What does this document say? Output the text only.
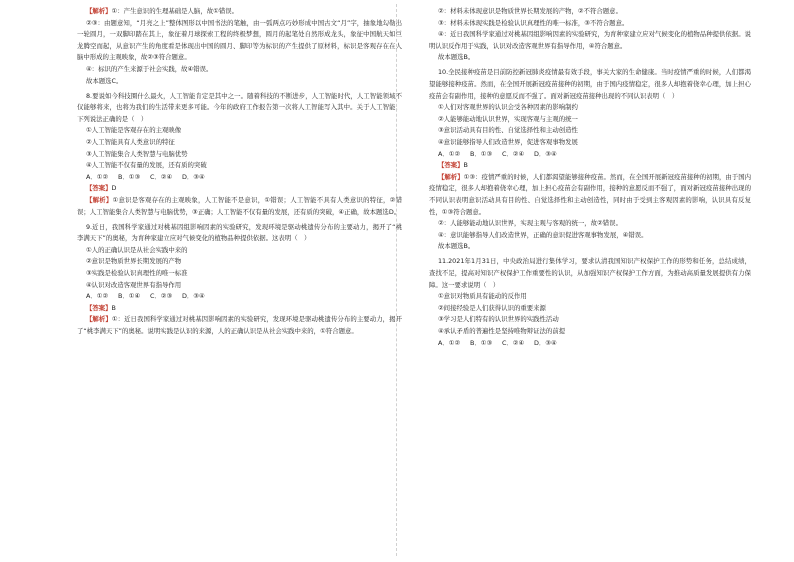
【解析】①：产生意识的生理基础是人脑，故①错误。

②③：由题意知，“月亮之上”整体图形以中国书法的笔触，由一弧两点巧妙形成中国古文“月”字，抽象地勾勒出一轮圆月，一双脚印踏在其上，象征着月球探索工程的终极梦想，圆月的起笔处自然形成龙头，象征中国航天如巨龙腾空而起，从意识产生的角度看是体现出中国的圆月、脚印等为标识的产生提供了原材料，标识是客观存在在人脑中形成的主观映象，故②③符合题意。

④：标识的产生来源于社会实践，故④错误。

故本题选C。

8.要说如今科技圈什么最火，人工智能肯定是其中之一。随着科技的不断进步，人工智能时代，人工智能领域不仅能够将来，也将为我们的生活带来更多可能。今年的政府工作报告第一次将人工智能写入其中。关于人工智能，下列说法正确的是（　）

①人工智能是客观存在的主观映像

②人工智能具有人类意识的特征

③人工智能集合人类智慧与电脑优势

④人工智能不仅有量的发展，还有质的突破

A．①② B．①③ C．②④ D．③④

【答案】D

【解析】①意识是客观存在的主观映象，人工智能不是意识，①错误；人工智能不具有人类意识的特征，②错误；人工智能集合人类智慧与电脑优势，③正确；人工智能不仅有量的发展，还有质的突破，④正确，故本题选D。

9.近日，我国科学家通过对桃基因组影响因素的实验研究，发现环境是驱动桃遗传分布的主要动力，揭开了“桃李满天下”的奥秘，为育种家建立应对气候变化的植物品种提供依据。这表明（　）

①人的正确认识是从社会实践中来的

②意识是物质世界长期发展的产物

③实践是检验认识真理性的唯一标准

④认识对改造客观世界有指导作用

A．①② B．①④ C．②③ D．③④

【答案】B

【解析】①：近日我国科学家通过对桃基因影响因素的实验研究，发现环境是驱动桃遗传分布的主要动力，揭开了“桃李满天下”的奥秘。说明实践是认识的来源，人的正确认识是从社会实践中来的，①符合题意。

②：材料未体现意识是物质世界长期发展的产物，②不符合题意。

③：材料未体现实践是检验认识真理性的唯一标准，③不符合题意。

④：近日我国科学家通过对桃基因组影响因素的实验研究，为育种家建立应对气候变化的植物品种提供依据。说明认识反作用于实践，认识对改造客观世界有指导作用，④符合题意。

故本题选B。

10.全民接种疫苗是目前防控新冠肺炎疫情最有效手段，事关大家的生命健康。当时疫情严重的时候，人们都渴望能够接种疫苗。然而，在全国开展新冠疫苗接种的初期，由于国内疫情稳定，很多人却抱着侥幸心理，加上担心疫苗会有副作用，接种的意愿反而不强了。面对新冠疫苗接种出现的不同认识表明（　）

①人们对客观世界的认识会受各种因素的影响制约

②人能够能动地认识世界，实现客观与主观的统一

③意识活动具有目的性、自觉选择性和主动创造性

④意识能够指导人们改造世界，促进客观事物发展

A．①② B．①③ C．②④ D．③④

【答案】B

【解析】①③：疫情严重的时候，人们都渴望能够接种疫苗。然而，在全国开展新冠疫苗接种的初期，由于国内疫情稳定，很多人却抱着侥幸心理，加上担心疫苗会有副作用，接种的意愿反而不强了，面对新冠疫苗接种出现的不同认识表明意识活动具有目的性、自觉选择性和主动创造性，同时由于受到主客观因素的影响，认识具有反复性，①③符合题意。

②：人能够能动地认识世界，实现主观与客观的统一，故②错误。

④：意识能够指导人们改造世界，正确的意识促进客观事物发展，④错误。

故本题选B。

11.2021年1月31日，中央政治局进行集体学习，要求认清我国知识产权保护工作的形势和任务，总结成绩，查找不足，提高对知识产权保护工作重要性的认识，从加强知识产权保护工作方面，为推动高质量发展提供有力保障。这一要求说明（　）

①意识对物质具有能动的反作用

②间接经验是人们获得认识的重要来源

③学习是人们特有的认识世界的实践性活动

④承认矛盾的普遍性是坚持唯物辩证法的前提

A．①② B．①③ C．②④ D．③④
